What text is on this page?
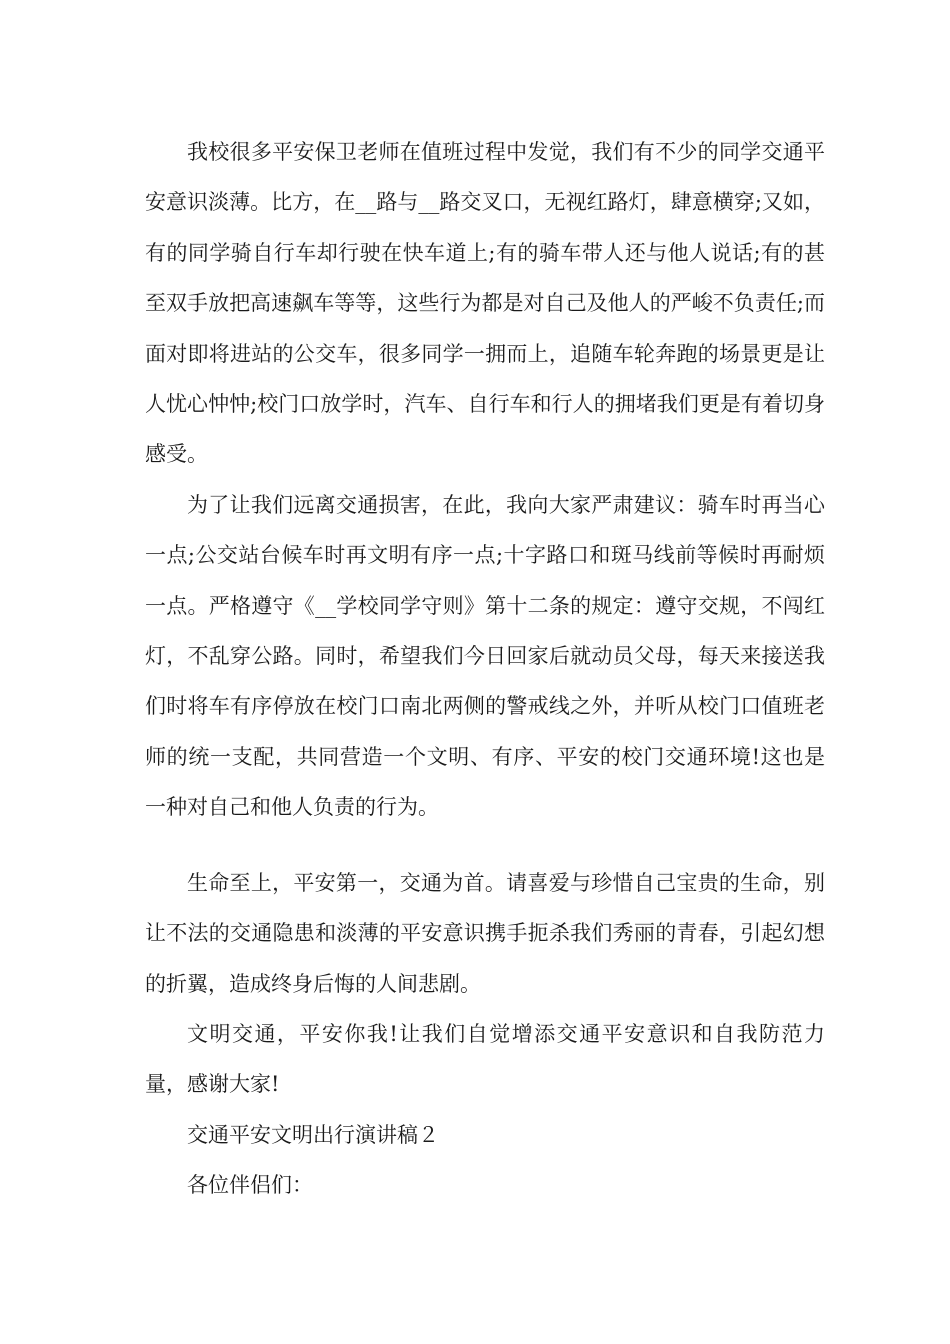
我校很多平安保卫老师在值班过程中发觉，我们有不少的同学交通平安意识淡薄。比方，在__路与__路交叉口，无视红路灯，肆意横穿;又如，有的同学骑自行车却行驶在快车道上;有的骑车带人还与他人说话;有的甚至双手放把高速飙车等等，这些行为都是对自己及他人的严峻不负责任;而面对即将进站的公交车，很多同学一拥而上，追随车轮奔跑的场景更是让人忧心忡忡;校门口放学时，汽车、自行车和行人的拥堵我们更是有着切身感受。

为了让我们远离交通损害，在此，我向大家严肃建议：骑车时再当心一点;公交站台候车时再文明有序一点;十字路口和斑马线前等候时再耐烦一点。严格遵守《__学校同学守则》第十二条的规定：遵守交规，不闯红灯，不乱穿公路。同时，希望我们今日回家后就动员父母，每天来接送我们时将车有序停放在校门口南北两侧的警戒线之外，并听从校门口值班老师的统一支配，共同营造一个文明、有序、平安的校门交通环境!这也是一种对自己和他人负责的行为。

生命至上，平安第一，交通为首。请喜爱与珍惜自己宝贵的生命，别让不法的交通隐患和淡薄的平安意识携手扼杀我们秀丽的青春，引起幻想的折翼，造成终身后悔的人间悲剧。

文明交通，平安你我!让我们自觉增添交通平安意识和自我防范力量，感谢大家!

交通平安文明出行演讲稿２

各位伴侣们：
